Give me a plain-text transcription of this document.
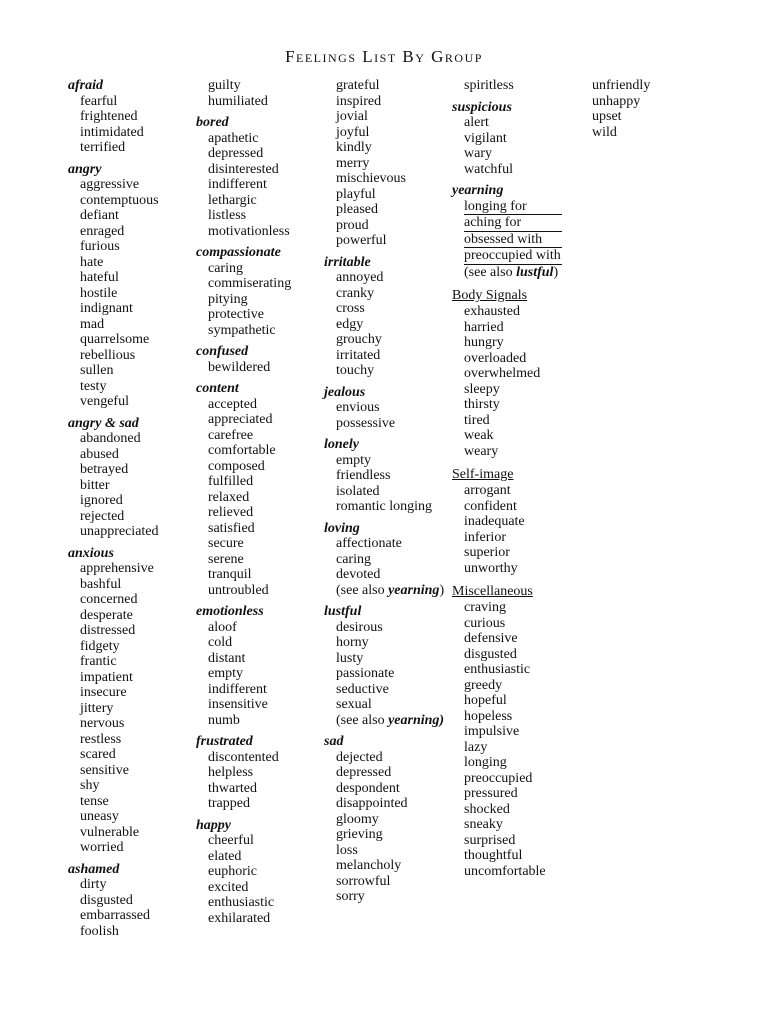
Feelings List By Group
afraid
fearful
frightened
intimidated
terrified
angry
aggressive
contemptuous
defiant
enraged
furious
hate
hateful
hostile
indignant
mad
quarrelsome
rebellious
sullen
testy
vengeful
angry & sad
abandoned
abused
betrayed
bitter
ignored
rejected
unappreciated
anxious
apprehensive
bashful
concerned
desperate
distressed
fidgety
frantic
impatient
insecure
jittery
nervous
restless
scared
sensitive
shy
tense
uneasy
vulnerable
worried
ashamed
dirty
disgusted
embarrassed
foolish
guilty
humiliated
bored
apathetic
depressed
disinterested
indifferent
lethargic
listless
motivationless
compassionate
caring
commiserating
pitying
protective
sympathetic
confused
bewildered
content
accepted
appreciated
carefree
comfortable
composed
fulfilled
relaxed
relieved
satisfied
secure
serene
tranquil
untroubled
emotionless
aloof
cold
distant
empty
indifferent
insensitive
numb
frustrated
discontented
helpless
thwarted
trapped
happy
cheerful
elated
euphoric
excited
enthusiastic
exhilarated
grateful
inspired
jovial
joyful
kindly
merry
mischievous
playful
pleased
proud
powerful
irritable
annoyed
cranky
cross
edgy
grouchy
irritated
touchy
jealous
envious
possessive
lonely
empty
friendless
isolated
romantic longing
loving
affectionate
caring
devoted
(see also yearning)
lustful
desirous
horny
lusty
passionate
seductive
sexual
(see also yearning)
sad
dejected
depressed
despondent
disappointed
gloomy
grieving
loss
melancholy
sorrowful
sorry
spiritless
suspicious
alert
vigilant
wary
watchful
yearning
longing for
aching for
obsessed with
preoccupied with
(see also lustful)
Body Signals
exhausted
harried
hungry
overloaded
overwhelmed
sleepy
thirsty
tired
weak
weary
Self-image
arrogant
confident
inadequate
inferior
superior
unworthy
Miscellaneous
craving
curious
defensive
disgusted
enthusiastic
greedy
hopeful
hopeless
impulsive
lazy
longing
preoccupied
pressured
shocked
sneaky
surprised
thoughtful
uncomfortable
unfriendly
unhappy
upset
wild
